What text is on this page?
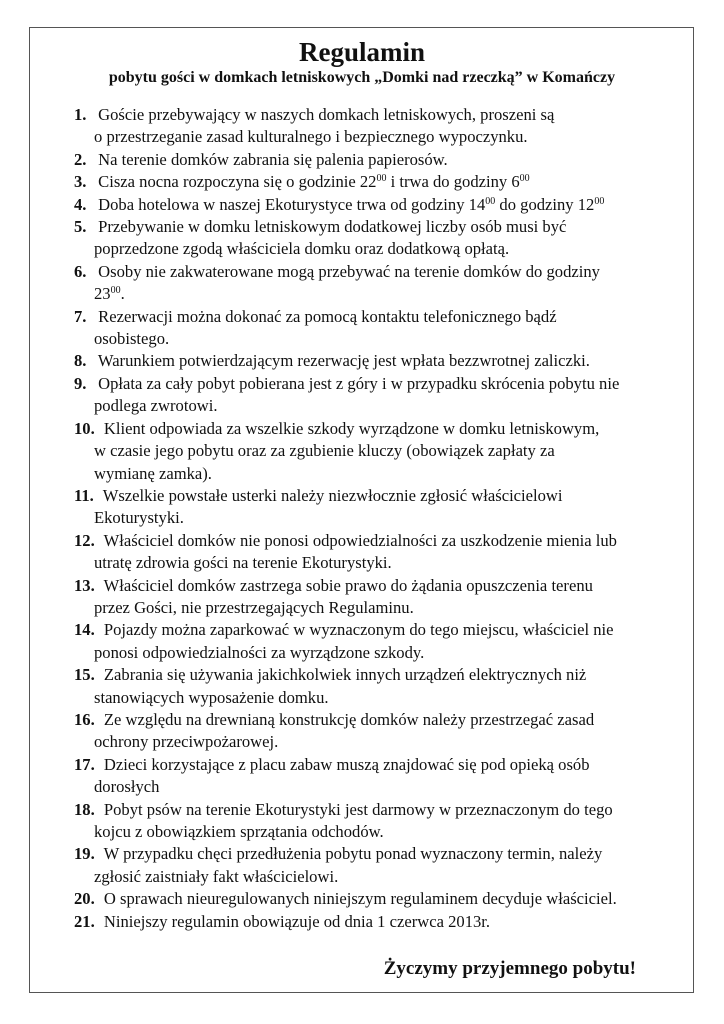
Regulamin
pobytu gości w domkach letniskowych „Domki nad rzeczką” w Komańczy
1. Goście przebywający w naszych domkach letniskowych, proszeni są
o przestrzeganie zasad kulturalnego i bezpiecznego wypoczynku.
2. Na terenie domków zabrania się palenia papierosów.
3. Cisza nocna rozpoczyna się o godzinie $22^{00}$ i trwa do godziny $6^{00}$
4. Doba hotelowa w naszej Ekoturystyce trwa od godziny $14^{00}$ do godziny $12^{00}$
5. Przebywanie w domku letniskowym dodatkowej liczby osób musi być
poprzedzone zgodą właściciela domku oraz dodatkową opłatą.
6. Osoby nie zakwaterowane mogą przebywać na terenie domków do godziny
$23^{00}$.
7. Rezerwacji można dokonać za pomocą kontaktu telefonicznego bądź
osobistego.
8. Warunkiem potwierdzającym rezerwację jest wpłata bezzwrotnej zaliczki.
9. Opłata za cały pobyt pobierana jest z góry i w przypadku skrócenia pobytu nie
podlega zwrotowi.
10. Klient odpowiada za wszelkie szkody wyrządzone w domku letniskowym,
w czasie jego pobytu oraz za zgubienie kluczy (obowiązek zapłaty za
wymianę zamka).
11. Wszelkie powstałe usterki należy niezwłocznie zgłosić właścicielowi
Ekoturystyki.
12. Właściciel domków nie ponosi odpowiedzialności za uszkodzenie mienia lub
utratę zdrowia gości na terenie Ekoturystyki.
13. Właściciel domków zastrzega sobie prawo do żądania opuszczenia terenu
przez Gości, nie przestrzegających Regulaminu.
14. Pojazdy można zaparkować w wyznaczonym do tego miejscu, właściciel nie
ponosi odpowiedzialności za wyrządzone szkody.
15. Zabrania się używania jakichkolwiek innych urządzeń elektrycznych niż
stanowiących wyposażenie domku.
16. Ze względu na drewnianą konstrukcję domków należy przestrzegać zasad
ochrony przeciwpożarowej.
17. Dzieci korzystające z placu zabaw muszą znajdować się pod opieką osób
dorosłych
18. Pobyt psów na terenie Ekoturystyki jest darmowy w przeznaczonym do tego
kojcu z obowiązkiem sprzątania odchodów.
19. W przypadku chęci przedłużenia pobytu ponad wyznaczony termin, należy
zgłosić zaistniały fakt właścicielowi.
20. O sprawach nieuregulowanych niniejszym regulaminem decyduje właściciel.
21. Niniejszy regulamin obowiązuje od dnia 1 czerwca 2013r.
Życzymy przyjemnego pobytu!
